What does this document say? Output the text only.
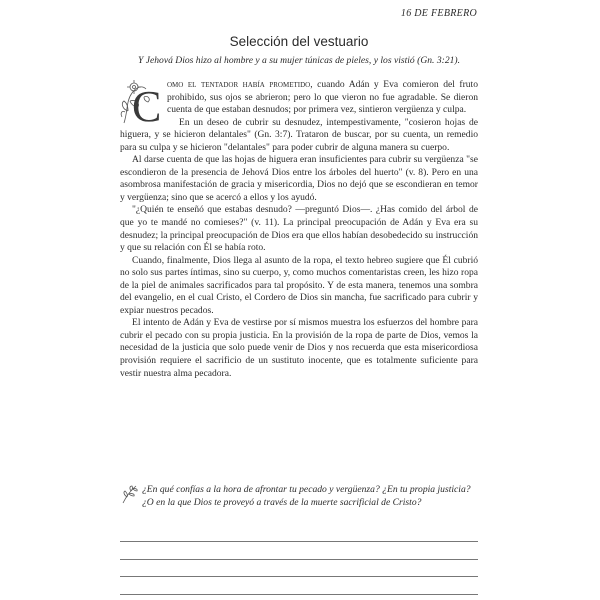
16 DE FEBRERO
Selección del vestuario
Y Jehová Dios hizo al hombre y a su mujer túnicas de pieles, y los vistió (Gn. 3:21).

C omo el tentador había prometido, cuando Adán y Eva comieron del fruto prohibido, sus ojos se abrieron; pero lo que vieron no fue agradable. Se dieron cuenta de que estaban desnudos; por primera vez, sintieron vergüenza y culpa.

En un deseo de cubrir su desnudez, intempestivamente, "cosieron hojas de higuera, y se hicieron delantales" (Gn. 3:7). Trataron de buscar, por su cuenta, un remedio para su culpa y se hicieron "delantales" para poder cubrir de alguna manera su cuerpo.

Al darse cuenta de que las hojas de higuera eran insuficientes para cubrir su vergüenza "se escondieron de la presencia de Jehová Dios entre los árboles del huerto" (v. 8). Pero en una asombrosa manifestación de gracia y misericordia, Dios no dejó que se escondieran en temor y vergüenza; sino que se acercó a ellos y los ayudó.

"¿Quién te enseñó que estabas desnudo? —preguntó Dios—. ¿Has comido del árbol de que yo te mandé no comieses?" (v. 11). La principal preocupación de Adán y Eva era su desnudez; la principal preocupación de Dios era que ellos habían desobedecido su instrucción y que su relación con Él se había roto.

Cuando, finalmente, Dios llega al asunto de la ropa, el texto hebreo sugiere que Él cubrió no solo sus partes íntimas, sino su cuerpo, y, como muchos comentaristas creen, les hizo ropa de la piel de animales sacrificados para tal propósito. Y de esta manera, tenemos una sombra del evangelio, en el cual Cristo, el Cordero de Dios sin mancha, fue sacrificado para cubrir y expiar nuestros pecados.

El intento de Adán y Eva de vestirse por sí mismos muestra los esfuerzos del hombre para cubrir el pecado con su propia justicia. En la provisión de la ropa de parte de Dios, vemos la necesidad de la justicia que solo puede venir de Dios y nos recuerda que esta misericordiosa provisión requiere el sacrificio de un sustituto inocente, que es totalmente suficiente para vestir nuestra alma pecadora.

¿En qué confías a la hora de afrontar tu pecado y vergüenza? ¿En tu propia justicia? ¿O en la que Dios te proveyó a través de la muerte sacrificial de Cristo?
